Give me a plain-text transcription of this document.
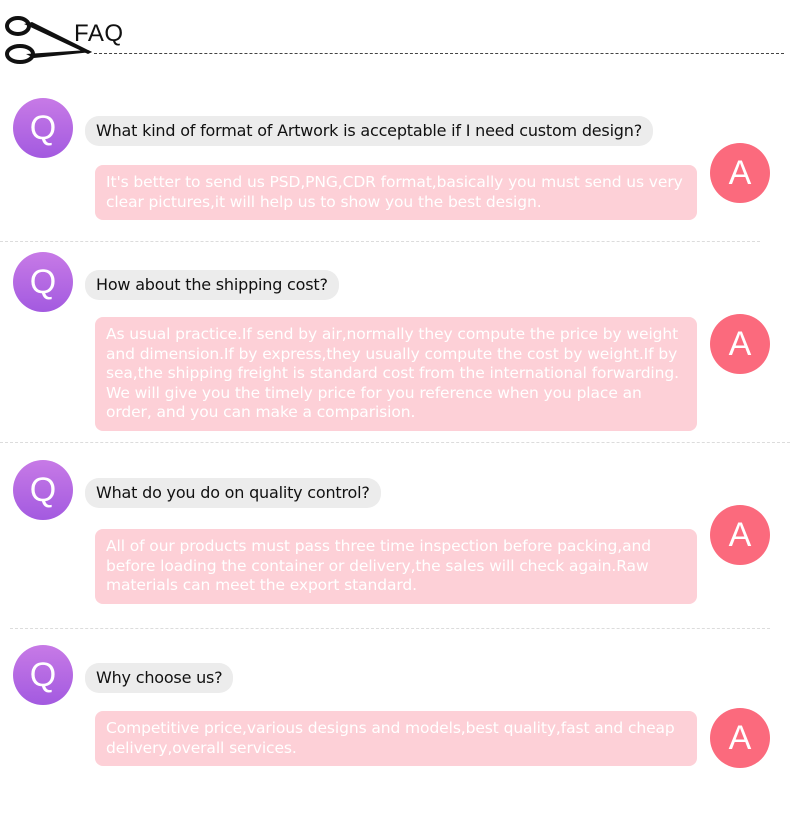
FAQ
Q	What kind of format of Artwork is acceptable if I need custom design?
It's better to send us PSD,PNG,CDR format,basically you must send us very clear pictures,it will help us to show you the best design.
A
Q	How about the shipping cost?
As usual practice.If send by air,normally they compute the price by weight and dimension.If by express,they usually compute the cost by weight.If by sea,the shipping freight is standard cost from the international forwarding. We will give you the timely price for you reference when you place an order, and you can make a comparision.
A
Q	What do you do on quality control?
All of our products must pass three time inspection before packing,and before loading the container or delivery,the sales will check again.Raw materials can meet the export standard.
A
Q	Why choose us?
Competitive price,various designs and models,best quality,fast and cheap delivery,overall services.	A
